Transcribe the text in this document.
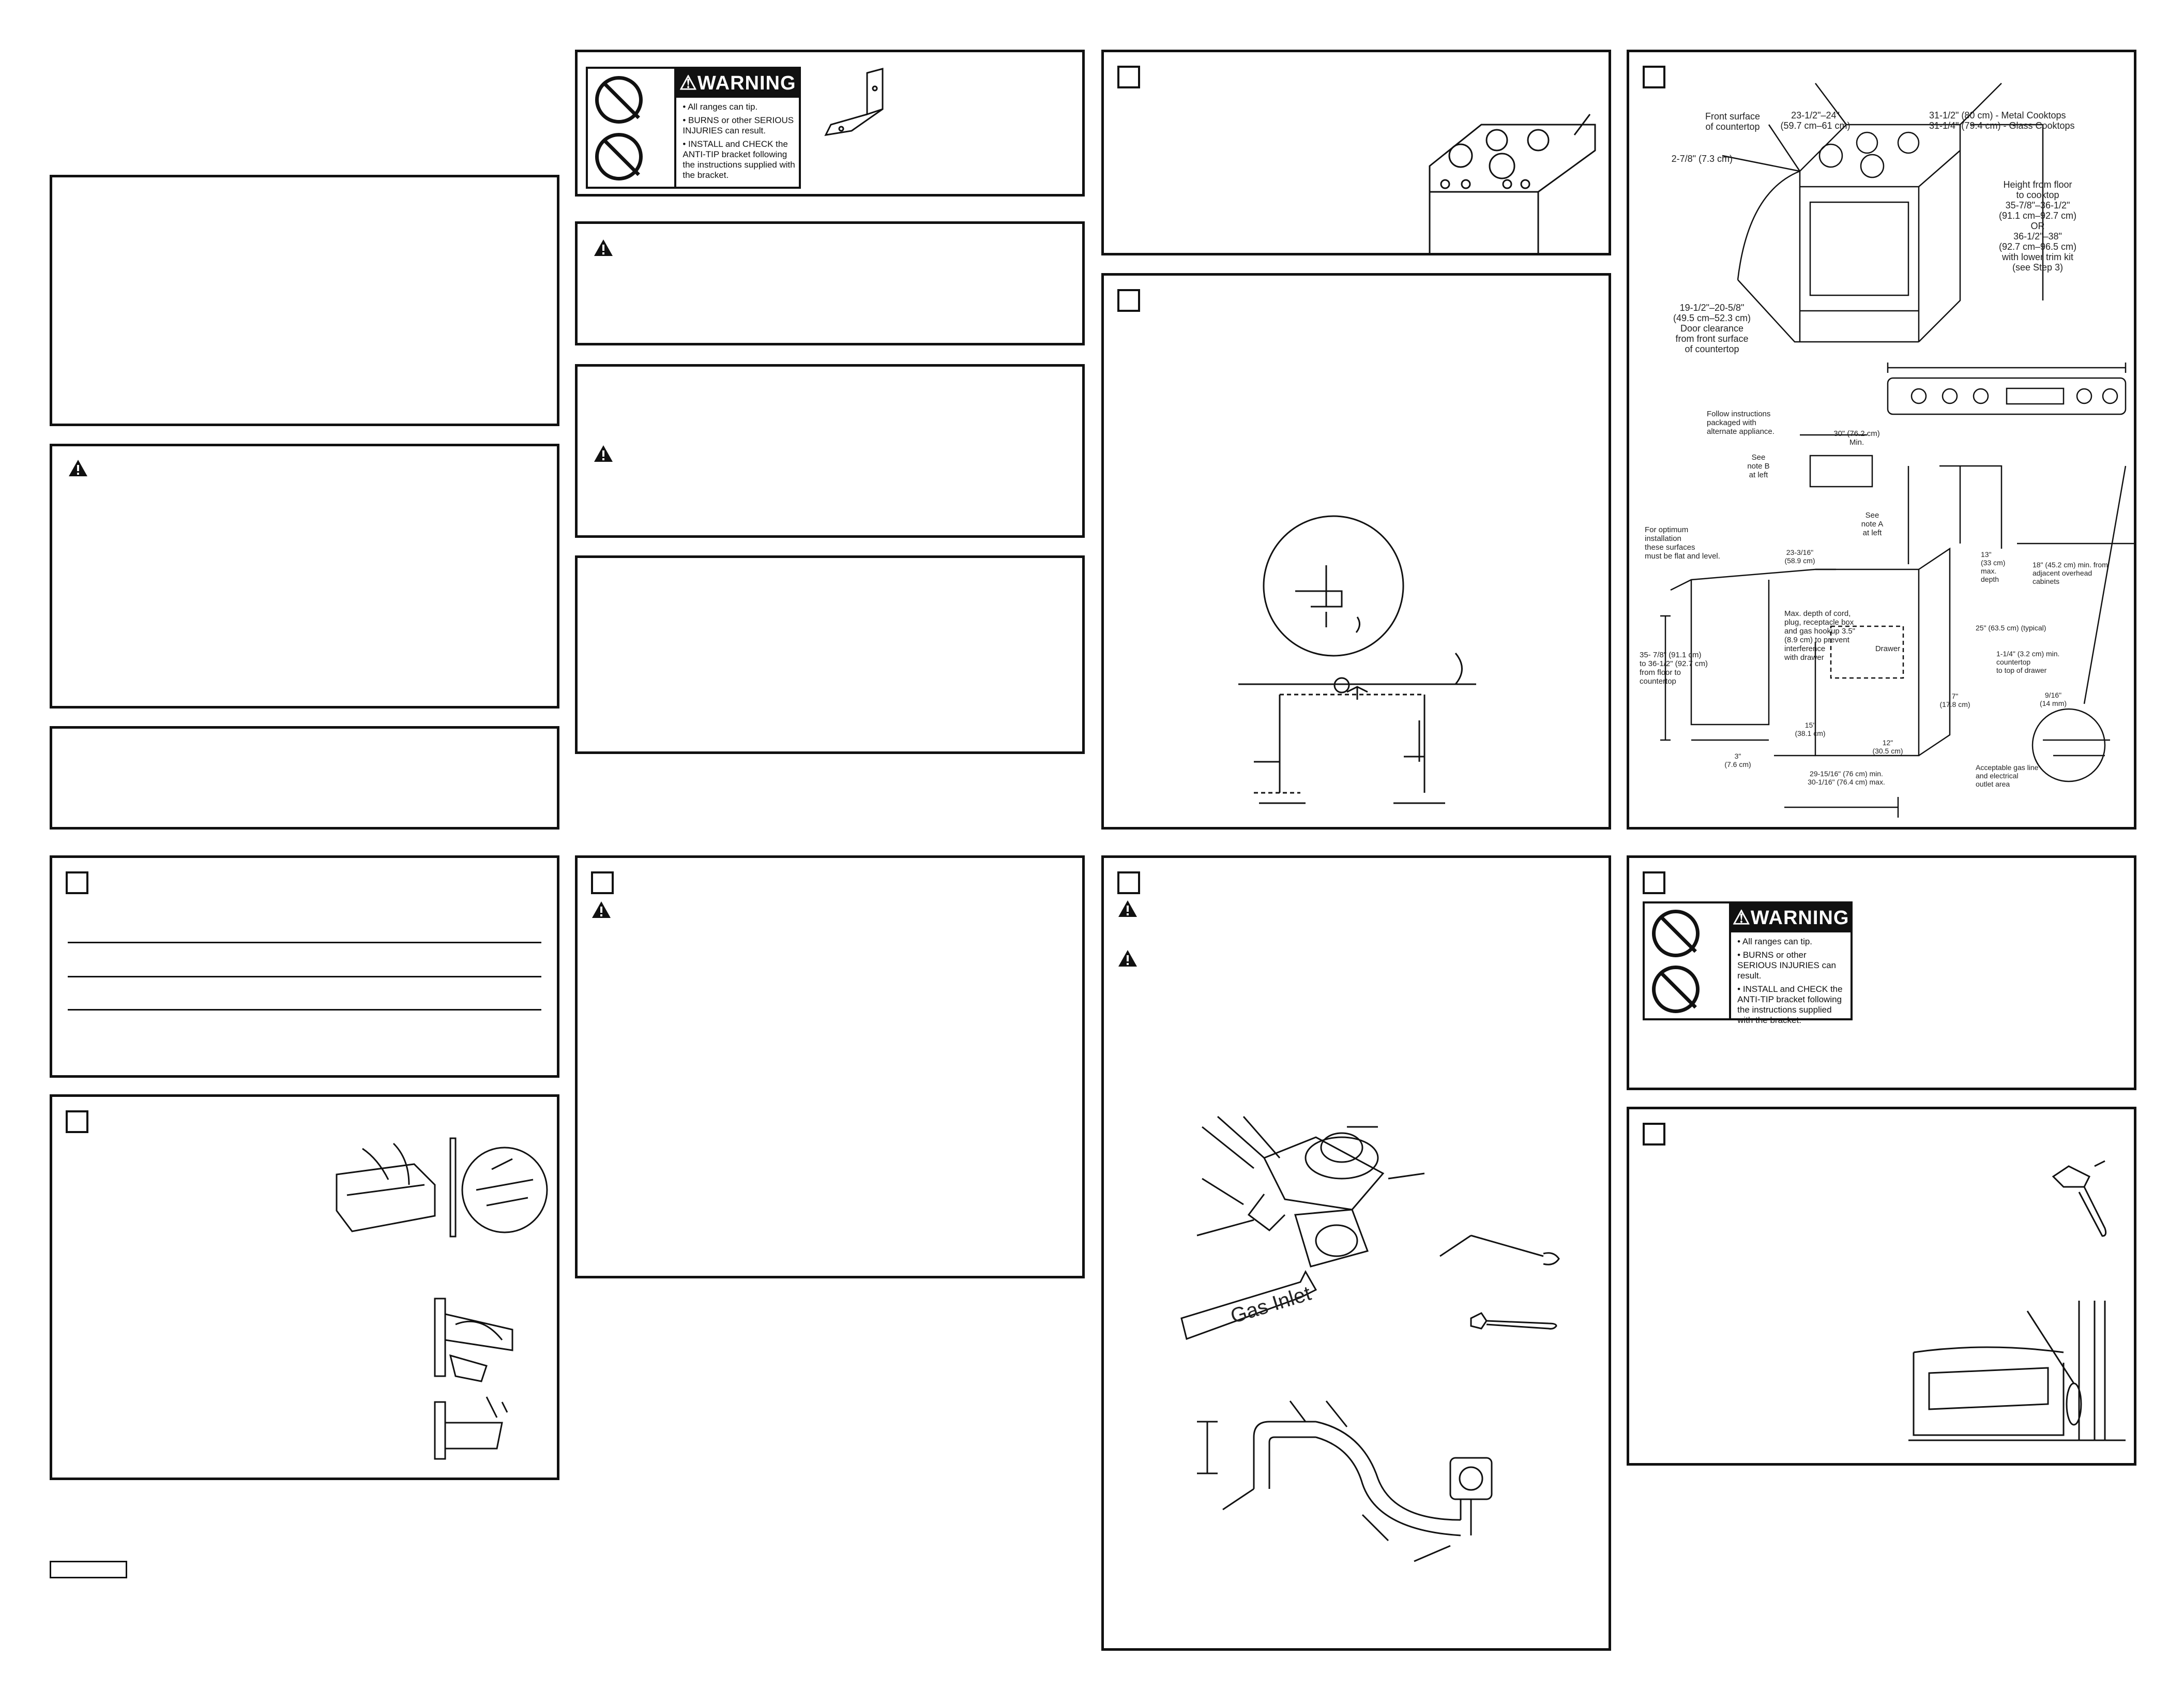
⚠WARNING
• All ranges can tip.
• BURNS or other SERIOUS INJURIES can result.
• INSTALL and CHECK the ANTI-TIP bracket following the instructions supplied with the bracket.
Gas Inlet
Front surface of countertop
23-1/2"–24" (59.7 cm–61 cm)
31-1/2" (80 cm) - Metal Cooktops 31-1/4" (79.4 cm) - Glass Cooktops
2-7/8" (7.3 cm)
Height from floor to cooktop 35-7/8"–36-1/2" (91.1 cm–92.7 cm) OR 36-1/2"–38" (92.7 cm–96.5 cm) with lower trim kit (see Step 3)
19-1/2"–20-5/8" (49.5 cm–52.3 cm) Door clearance from front surface of countertop
Follow instructions packaged with alternate appliance.	30" (76.2 cm) Min.
See note B at left
See note A at left
For optimum installation these surfaces must be flat and level.	23-3/16" (58.9 cm)
13" (33 cm) max. depth
18" (45.2 cm) min. from adjacent overhead cabinets
Max. depth of cord, plug, receptacle box and gas hookup 3.5" (8.9 cm) to prevent interference with drawer
Drawer
25" (63.5 cm) (typical)
1-1/4" (3.2 cm) min. countertop to top of drawer
35- 7/8" (91.1 cm) to 36-1/2" (92.7 cm) from floor to countertop
9/16" (14 mm)
7" (17.8 cm)
15" (38.1 cm)
12" (30.5 cm)
3" (7.6 cm)
29-15/16" (76 cm) min. 30-1/16" (76.4 cm) max.
Acceptable gas line and electrical outlet area
⚠WARNING
• All ranges can tip.
• BURNS or other SERIOUS INJURIES can result.
• INSTALL and CHECK the ANTI-TIP bracket following the instructions supplied with the bracket.
